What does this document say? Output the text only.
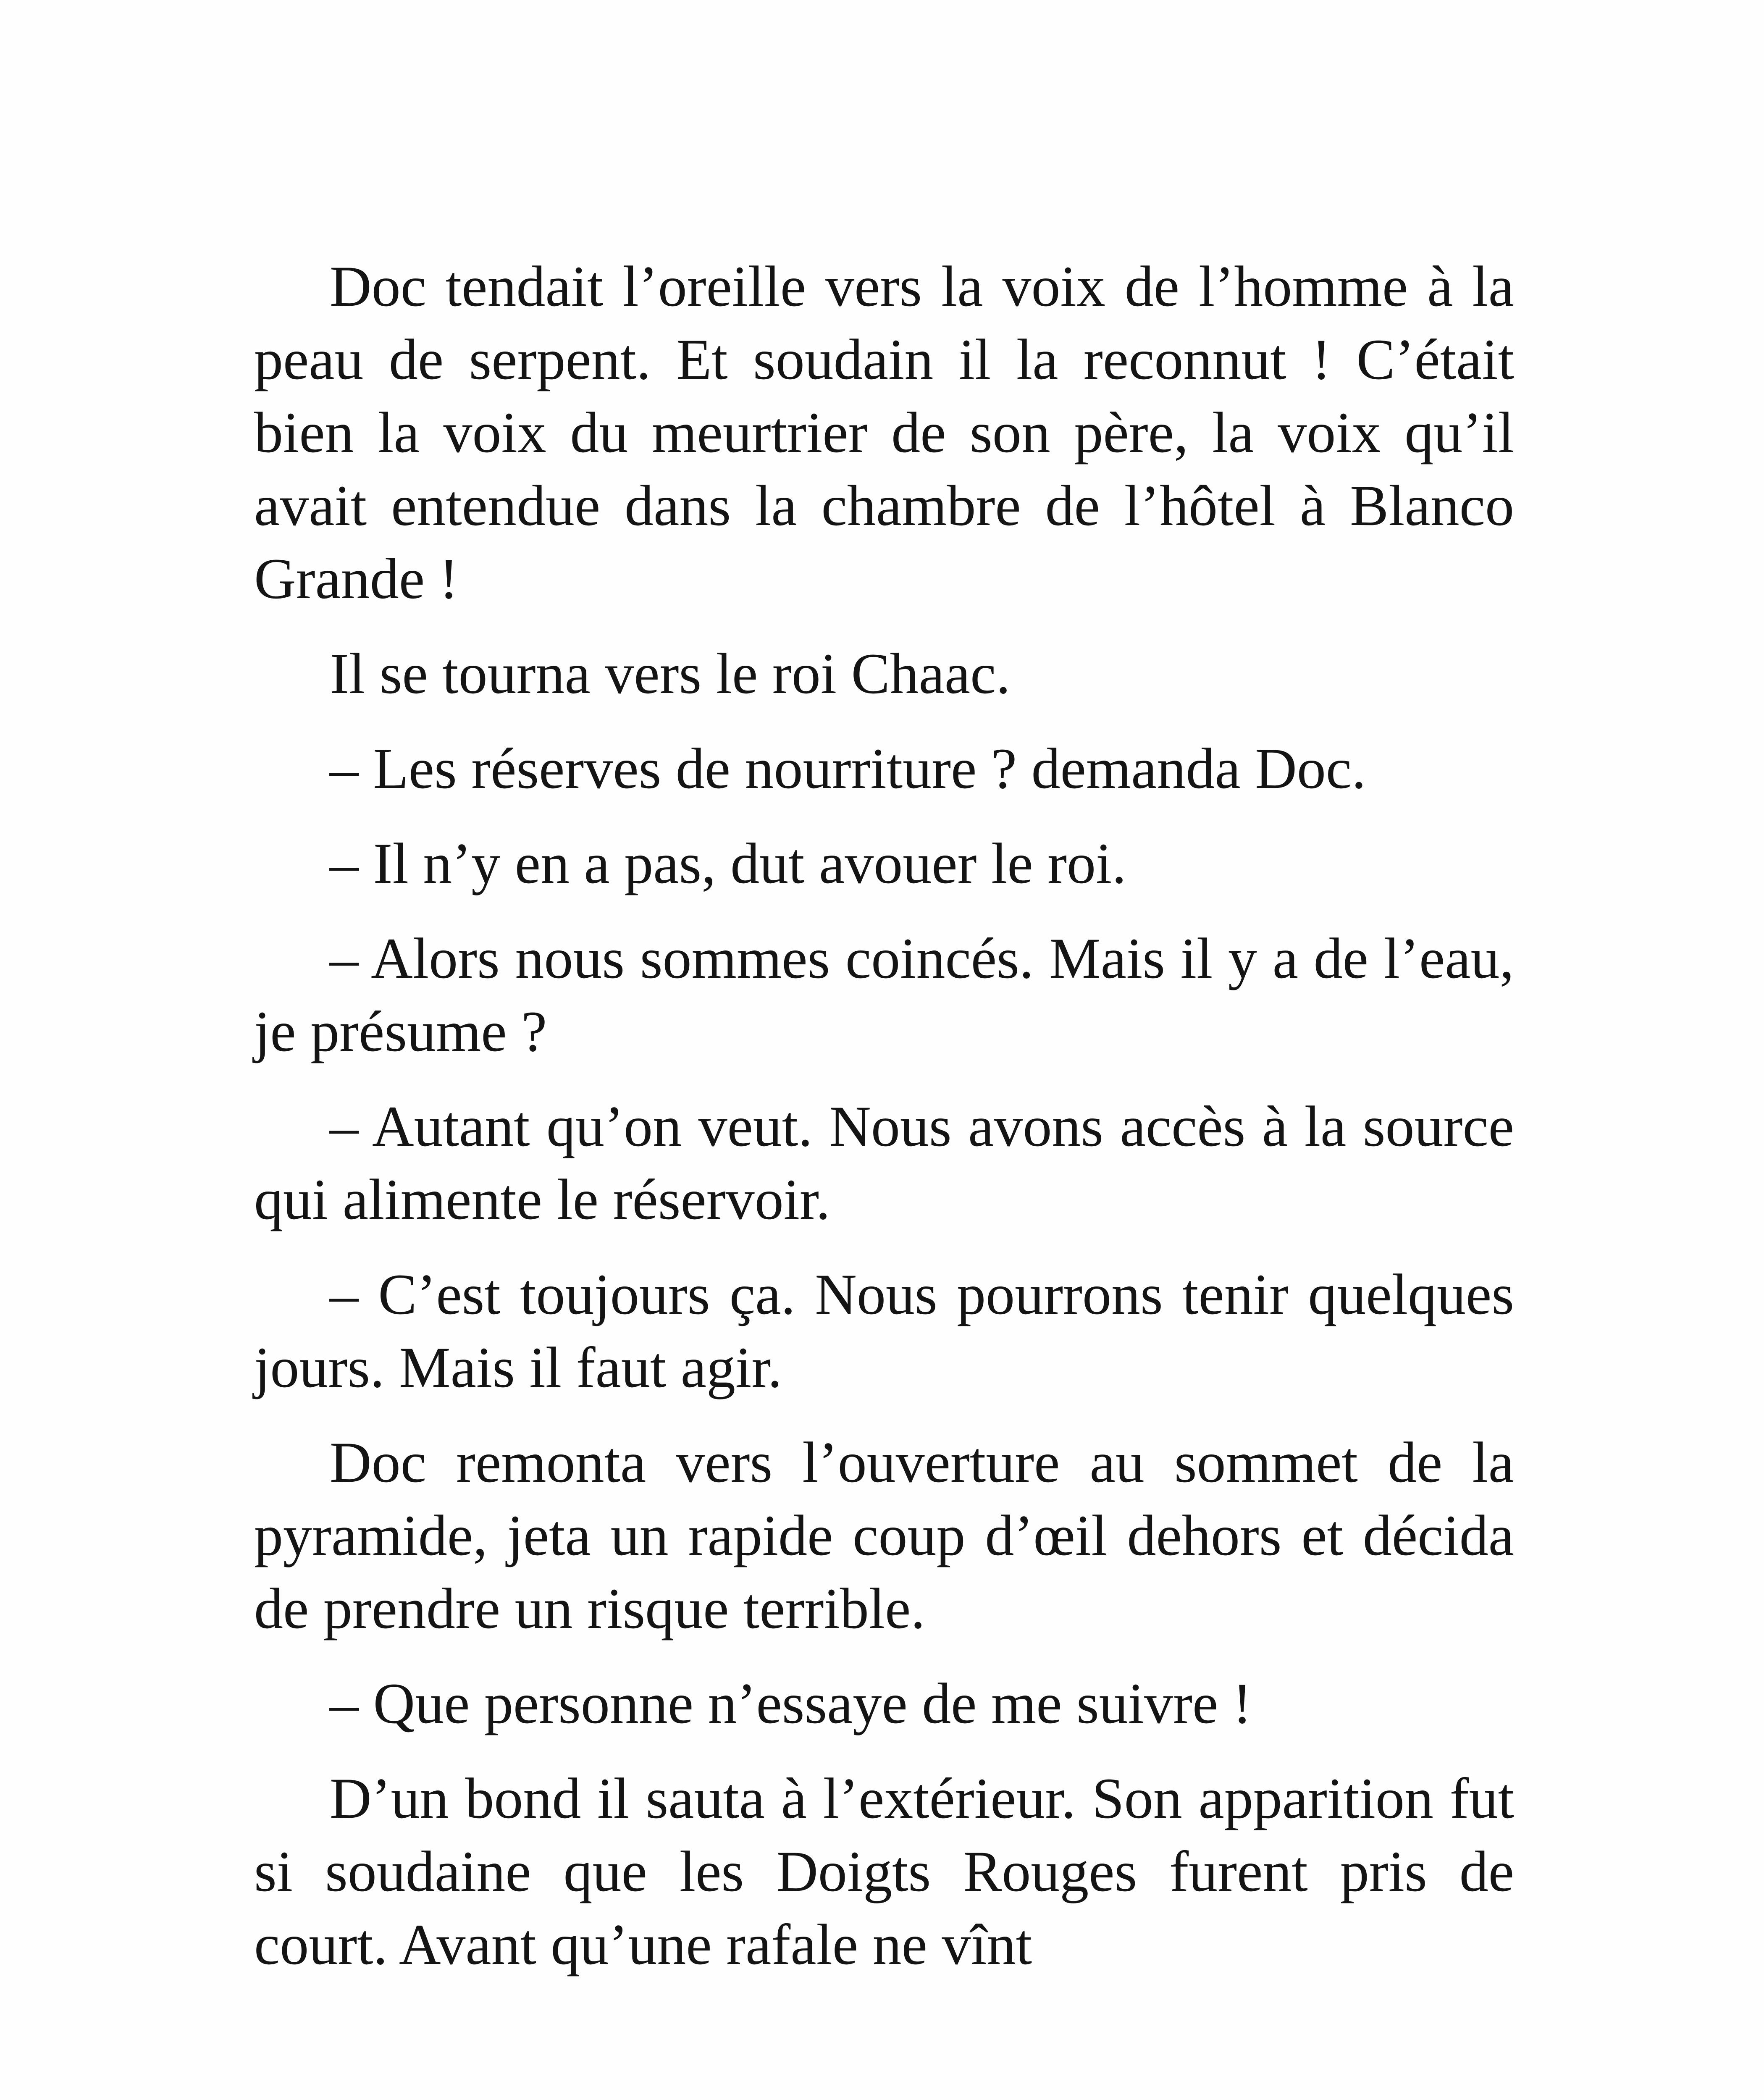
Doc tendait l’oreille vers la voix de l’homme à la peau de serpent. Et soudain il la reconnut ! C’était bien la voix du meurtrier de son père, la voix qu’il avait entendue dans la chambre de l’hôtel à Blanco Grande !

Il se tourna vers le roi Chaac.

– Les réserves de nourriture ? demanda Doc.

– Il n’y en a pas, dut avouer le roi.

– Alors nous sommes coincés. Mais il y a de l’eau, je présume ?

– Autant qu’on veut. Nous avons accès à la source qui alimente le réservoir.

– C’est toujours ça. Nous pourrons tenir quelques jours. Mais il faut agir.

Doc remonta vers l’ouverture au sommet de la pyramide, jeta un rapide coup d’œil dehors et décida de prendre un risque terrible.

– Que personne n’essaye de me suivre !

D’un bond il sauta à l’extérieur. Son apparition fut si soudaine que les Doigts Rouges furent pris de court. Avant qu’une rafale ne vînt
